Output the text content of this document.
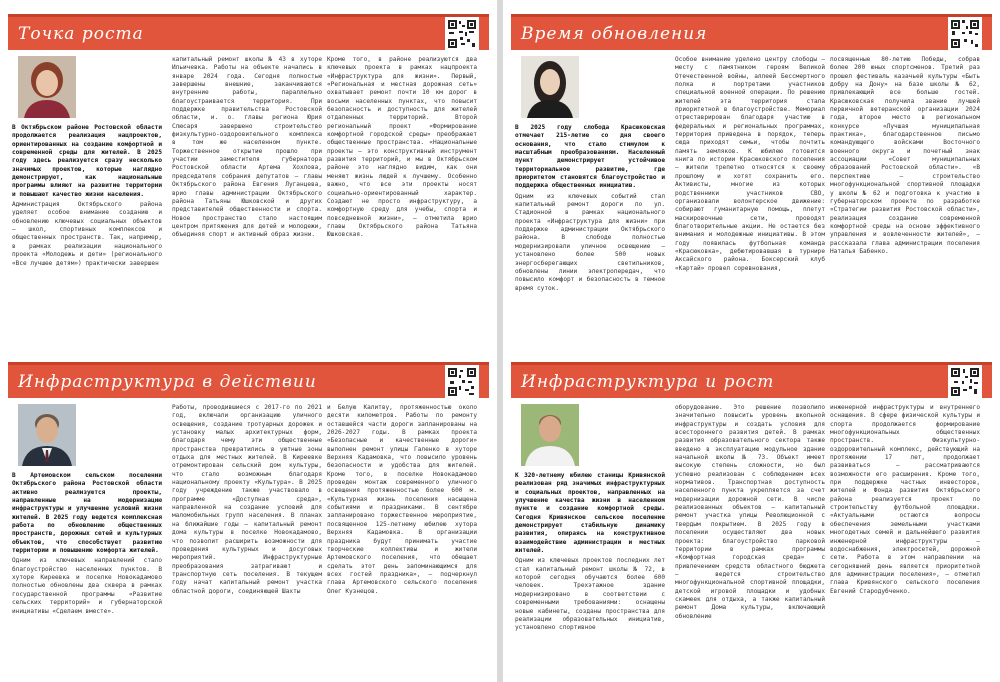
Точка роста

В Октябрьском районе Ростовской области продолжается реализация нацпроектов, ориентированных на создание комфортной и современной среды для жителей. В 2025 году здесь реализуется сразу несколько значимых проектов, которые наглядно демонстрируют, как национальные программы влияют на развитие территории и повышают качество жизни населения.

Администрация Октябрьского района уделяет особое внимание созданию и обновлению ключевых социальных объектов — школ, спортивных комплексов и общественных пространств. Так, например, в рамках реализации национального проекта «Молодежь и дети» (регионального «Все лучшее детям») практически завершен

капитальный ремонт школы № 43 в хуторе Ильичевка. Работы на объекте начались в январе 2024 года. Сегодня полностью завершены внешние, заканчиваются внутренние работы, параллельно благоустраивается территория. При поддержке правительства Ростовской области, и. о. главы региона Юрия Слюсаря завершено строительство физкультурно-оздоровительного комплекса в том же населенном пункте. Торжественное открытие прошло при участии заместителя губернатора Ростовской области Артема Хохлова, председателя собрания депутатов — главы Октябрьского района Евгения Луганцева, врио главы администрации Октябрьского района Татьяны Юшковской и других представителей общественности и спорта. Новое пространство стало настоящим центром притяжения для детей и молодежи, объединяя спорт и активный образ жизни.

Кроме того, в районе реализуются два ключевых проекта в рамках нацпроекта «Инфраструктура для жизни». Первый, «Региональная и местная дорожная сеть» охватывает ремонт почти 10 км дорог в восьми населенных пунктах, что повысит безопасность и доступность для жителей отдаленных территорий. Второй региональный проект «Формирование комфортной городской среды» преображает общественные пространства. «Национальные проекты — это конструктивный инструмент развития территорий, и мы в Октябрьском районе это наглядно видим, как они меняют жизнь людей к лучшему. Особенно важно, что все эти проекты носят социально-ориентированный характер. Создают не просто инфраструктуру, а комфортную среду для учебы, спорта и повседневной жизни», — отметила врио главы Октябрьского района Татьяна Юшковская.

Инфраструктура в действии

В Артемовском сельском поселении Октябрьского района Ростовской области активно реализуются проекты, направленные на модернизацию инфраструктуры и улучшение условий жизни жителей. В 2025 году ведется комплексная работа по обновлению общественных пространств, дорожных сетей и культурных объектов, что способствует развитию территории и повышению комфорта жителей.

Одним из ключевых направлений стало благоустройство населенных пунктов. В хуторе Киреевка и поселке Новокадамово полностью обновлены два сквера в рамках государственной программы «Развитие сельских территорий» и губернаторской инициативы «Сделаем вместе».

Работы, проводившиеся с 2017-го по 2021 год, включали организацию уличного освещения, создание тротуарных дорожек и установку малых архитектурных форм, благодаря чему эти общественные пространства превратились в уютные зоны отдыха для местных жителей. В Киреевке отремонтирован сельский дом культуры, что стало возможным благодаря национальному проекту «Культура». В 2025 году учреждение также участвовало в программе «Доступная среда», направленной на создание условий для маломобильных групп населения. В планах на ближайшие годы — капитальный ремонт дома культуры в поселке Новокадамово, что позволит расширить возможности для проведения культурных и досуговых мероприятий. Инфраструктурные преобразования затрагивают и транспортную сеть поселения. В текущем году начат капитальный ремонт участка областной дороги, соединяющей Шахты

и Белую Калитву, протяженностью около десяти километров. Работы по ремонту оставшейся части дороги запланированы на 2026-2027 годы. В рамках проекта «Безопасные и качественные дороги» выполнен ремонт улицы Галенко в хуторе Верхняя Кадамовка, что повысило уровень безопасности и удобства для жителей. Кроме того, в поселке Новокадамово проведен монтаж современного уличного освещения протяженностью более 600 м. «Культурная жизнь поселения насыщена событиями и праздниками. В сентябре запланировано торжественное мероприятие, посвященное 125-летнему юбилею хутора Верхняя Кадамовка. В организации праздника будут принимать участие творческие коллективы и жители Артемовского поселения, что обещает сделать этот день запоминающимся для всех гостей праздника», — подчеркнул глава Артемовского сельского поселения Олег Кузнецов.

Время обновления

В 2025 году слобода Красюковская отмечает 215-летие со дня своего основания, что стало стимулом к масштабным преобразованиям. Населенный пункт демонстрирует устойчивое территориальное развитие, где приоритетом становятся благоустройство и поддержка общественных инициатив.

Одним из ключевых событий стал капитальный ремонт дороги по ул. Стадионной в рамках национального проекта «Инфраструктура для жизни» при поддержке администрации Октябрьского района. В слободе полностью модернизировали уличное освещение — установлено более 500 новых энергосберегающих светильников, обновлены линии электропередач, что повысило комфорт и безопасность в темное время суток.

Особое внимание уделено центру слободы — месту с памятником героям Великой Отечественной войны, аллеей Бессмертного полка и портретами участников специальной военной операции. По решению жителей эта территория стала приоритетной в благоустройстве. Мемориал отреставрирован благодаря участию в федеральных и региональных программах, территория приведена в порядок, теперь сюда приходят семьи, чтобы почтить память земляков. К юбилею готовится книга по истории Красюковского поселения — жители трепетно относятся к своему прошлому и хотят сохранить его. Активисты, многие из которых родственники участников СВО, организовали волонтерское движение: собирают гуманитарную помощь, плетут маскировочные сети, проводят благотворительные акции. Не остается без внимания и молодежные инициативы. В этом году появилась футбольная команда «Красюковка», дебютировавшая в турнире Аксайского района. Боксерский клуб «Картай» провел соревнования,

посвященные 80-летию Победы, собрав более 200 юных спортсменов. Третий раз прошел фестиваль казачьей культуры «Быть добру на Дону» на базе школы № 62, привлекающий все больше гостей. Красюковская получила звание лучшей первичной ветеранской организации 2024 года, второе место в региональном конкурсе «Лучшая муниципальная практика», благодарственное письмо командующего войсками Восточного военного округа и почетный знак ассоциации «Совет муниципальных образований Ростовской области». «В перспективе — строительство многофункциональной спортивной площадки у школы № 62 и подготовка к участию в губернаторском проекте по разработке «Стратегии развития Ростовской области», реализация создание современной комфортной среды на основе эффективного управления и вовлеченности жителей», — рассказала глава администрации поселения Наталья Бабенко.

Инфраструктура и рост

К 320-летнему юбилею станицы Кривянской реализован ряд значимых инфраструктурных и социальных проектов, направленных на улучшение качества жизни в населенном пункте и создание комфортной среды. Сегодня Кривянское сельское поселение демонстрирует стабильную динамику развития, опираясь на конструктивное взаимодействие администрации и местных жителей.

Одним из ключевых проектов последних лет стал капитальный ремонт школы № 72, в которой сегодня обучаются более 600 человек. Трехэтажное здание модернизировано в соответствии с современными требованиями: оснащены новые кабинеты, созданы пространства для реализации образовательных инициатив, установлено спортивное

оборудование. Это решение позволило значительно повысить уровень школьной инфраструктуры и создать условия для всестороннего развития детей. В рамках развития образовательного сектора также введено в эксплуатацию модульное здание начальной школы № 73. Объект имеет высокую степень сложности, но был успешно реализован с соблюдением всех нормативов. Транспортная доступность населенного пункта укрепляется за счет модернизации дорожной сети. В числе реализованных объектов — капитальный ремонт участка улицы Революционной с твердым покрытием. В 2025 году в поселении осуществляют два новых проекта: благоустройство парковой территории в рамках программы «Комфортная городская среда» с привлечением средств областного бюджета — ведется строительство многофункциональной спортивной площадки, детской игровой площадки и удобных скамеек для отдыха, а также капитальный ремонт Дома культуры, включающий обновление

инженерной инфраструктуры и внутреннего оснащения. В сфере физической культуры и спорта продолжается формирование многофункциональных общественных пространств. Физкультурно-оздоровительный комплекс, действующий на протяжении 17 лет, продолжает развиваться — рассматриваются возможности его расширения. Кроме того, при поддержке частных инвесторов, жителей и Фонда развития Октябрьского района реализуется проект по строительству футбольной площадки. «Актуальными остаются вопросы обеспечения земельными участками многодетных семей и дальнейшего развития инженерной инфраструктуры — водоснабжения, электросетей, дорожной сети. Работа в этом направлении на сегодняшний день является приоритетной для администрации поселения», — отметил глава Кривянского сельского поселения Евгений Стародубченко.
